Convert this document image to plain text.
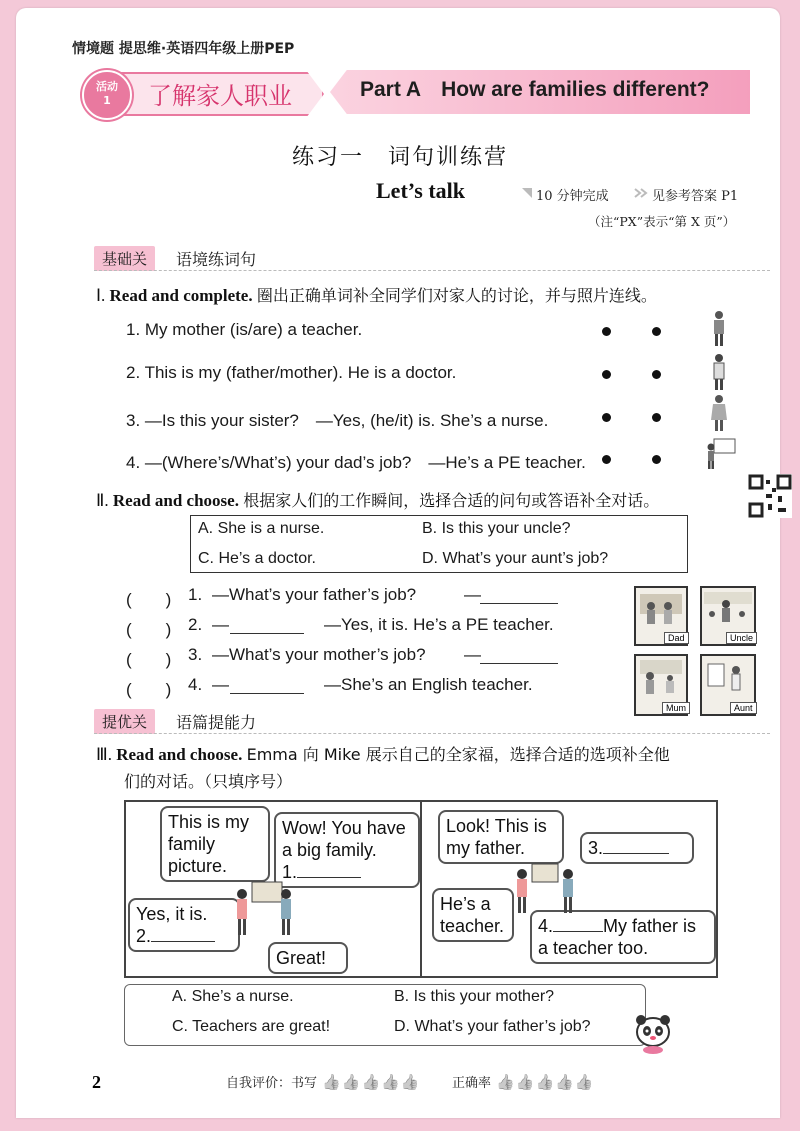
情境题 提思维·英语四年级上册PEP
活动
1	了解家人职业	Part A How are families different?
练习一　词句训练营
Let’s talk	10 分钟完成	见参考答案 P1
（注“PX”表示“第 X 页”）
基础关	语境练词句
Ⅰ. Read and complete. 圈出正确单词补全同学们对家人的讨论，并与照片连线。
1. My mother (is/are) a teacher.
2. This is my (father/mother). He is a doctor.
3. —Is this your sister?　—Yes, (he/it) is. She’s a nurse.
4. —(Where’s/What’s) your dad’s job?　—He’s a PE teacher.
Ⅱ. Read and choose. 根据家人们的工作瞬间，选择合适的问句或答语补全对话。
A. She is a nurse.	B. Is this your uncle?
C. He’s a doctor.	D. What’s your aunt’s job?
(　　) 1. —What’s your father’s job?	—
(　　) 2. —	—Yes, it is. He’s a PE teacher.
(　　) 3. —What’s your mother’s job? —
(　　) 4. —	—She’s an English teacher.
Dad	Uncle
Mum	Aunt
提优关	语篇提能力
Ⅲ. Read and choose. Emma 向 Mike 展示自己的全家福，选择合适的选项补全他
们的对话。（只填序号）
This is my family picture.
Wow! You have a big family.
1.
Yes, it is.
2.
Great!
Look! This is my father.	3.
He’s a teacher.	4.	My father is a teacher too.
A. She’s a nurse.	B. Is this your mother?
C. Teachers are great!	D. What’s your father’s job?
2	自我评价：书写 👍👍👍👍👍 正确率 👍👍👍👍👍
